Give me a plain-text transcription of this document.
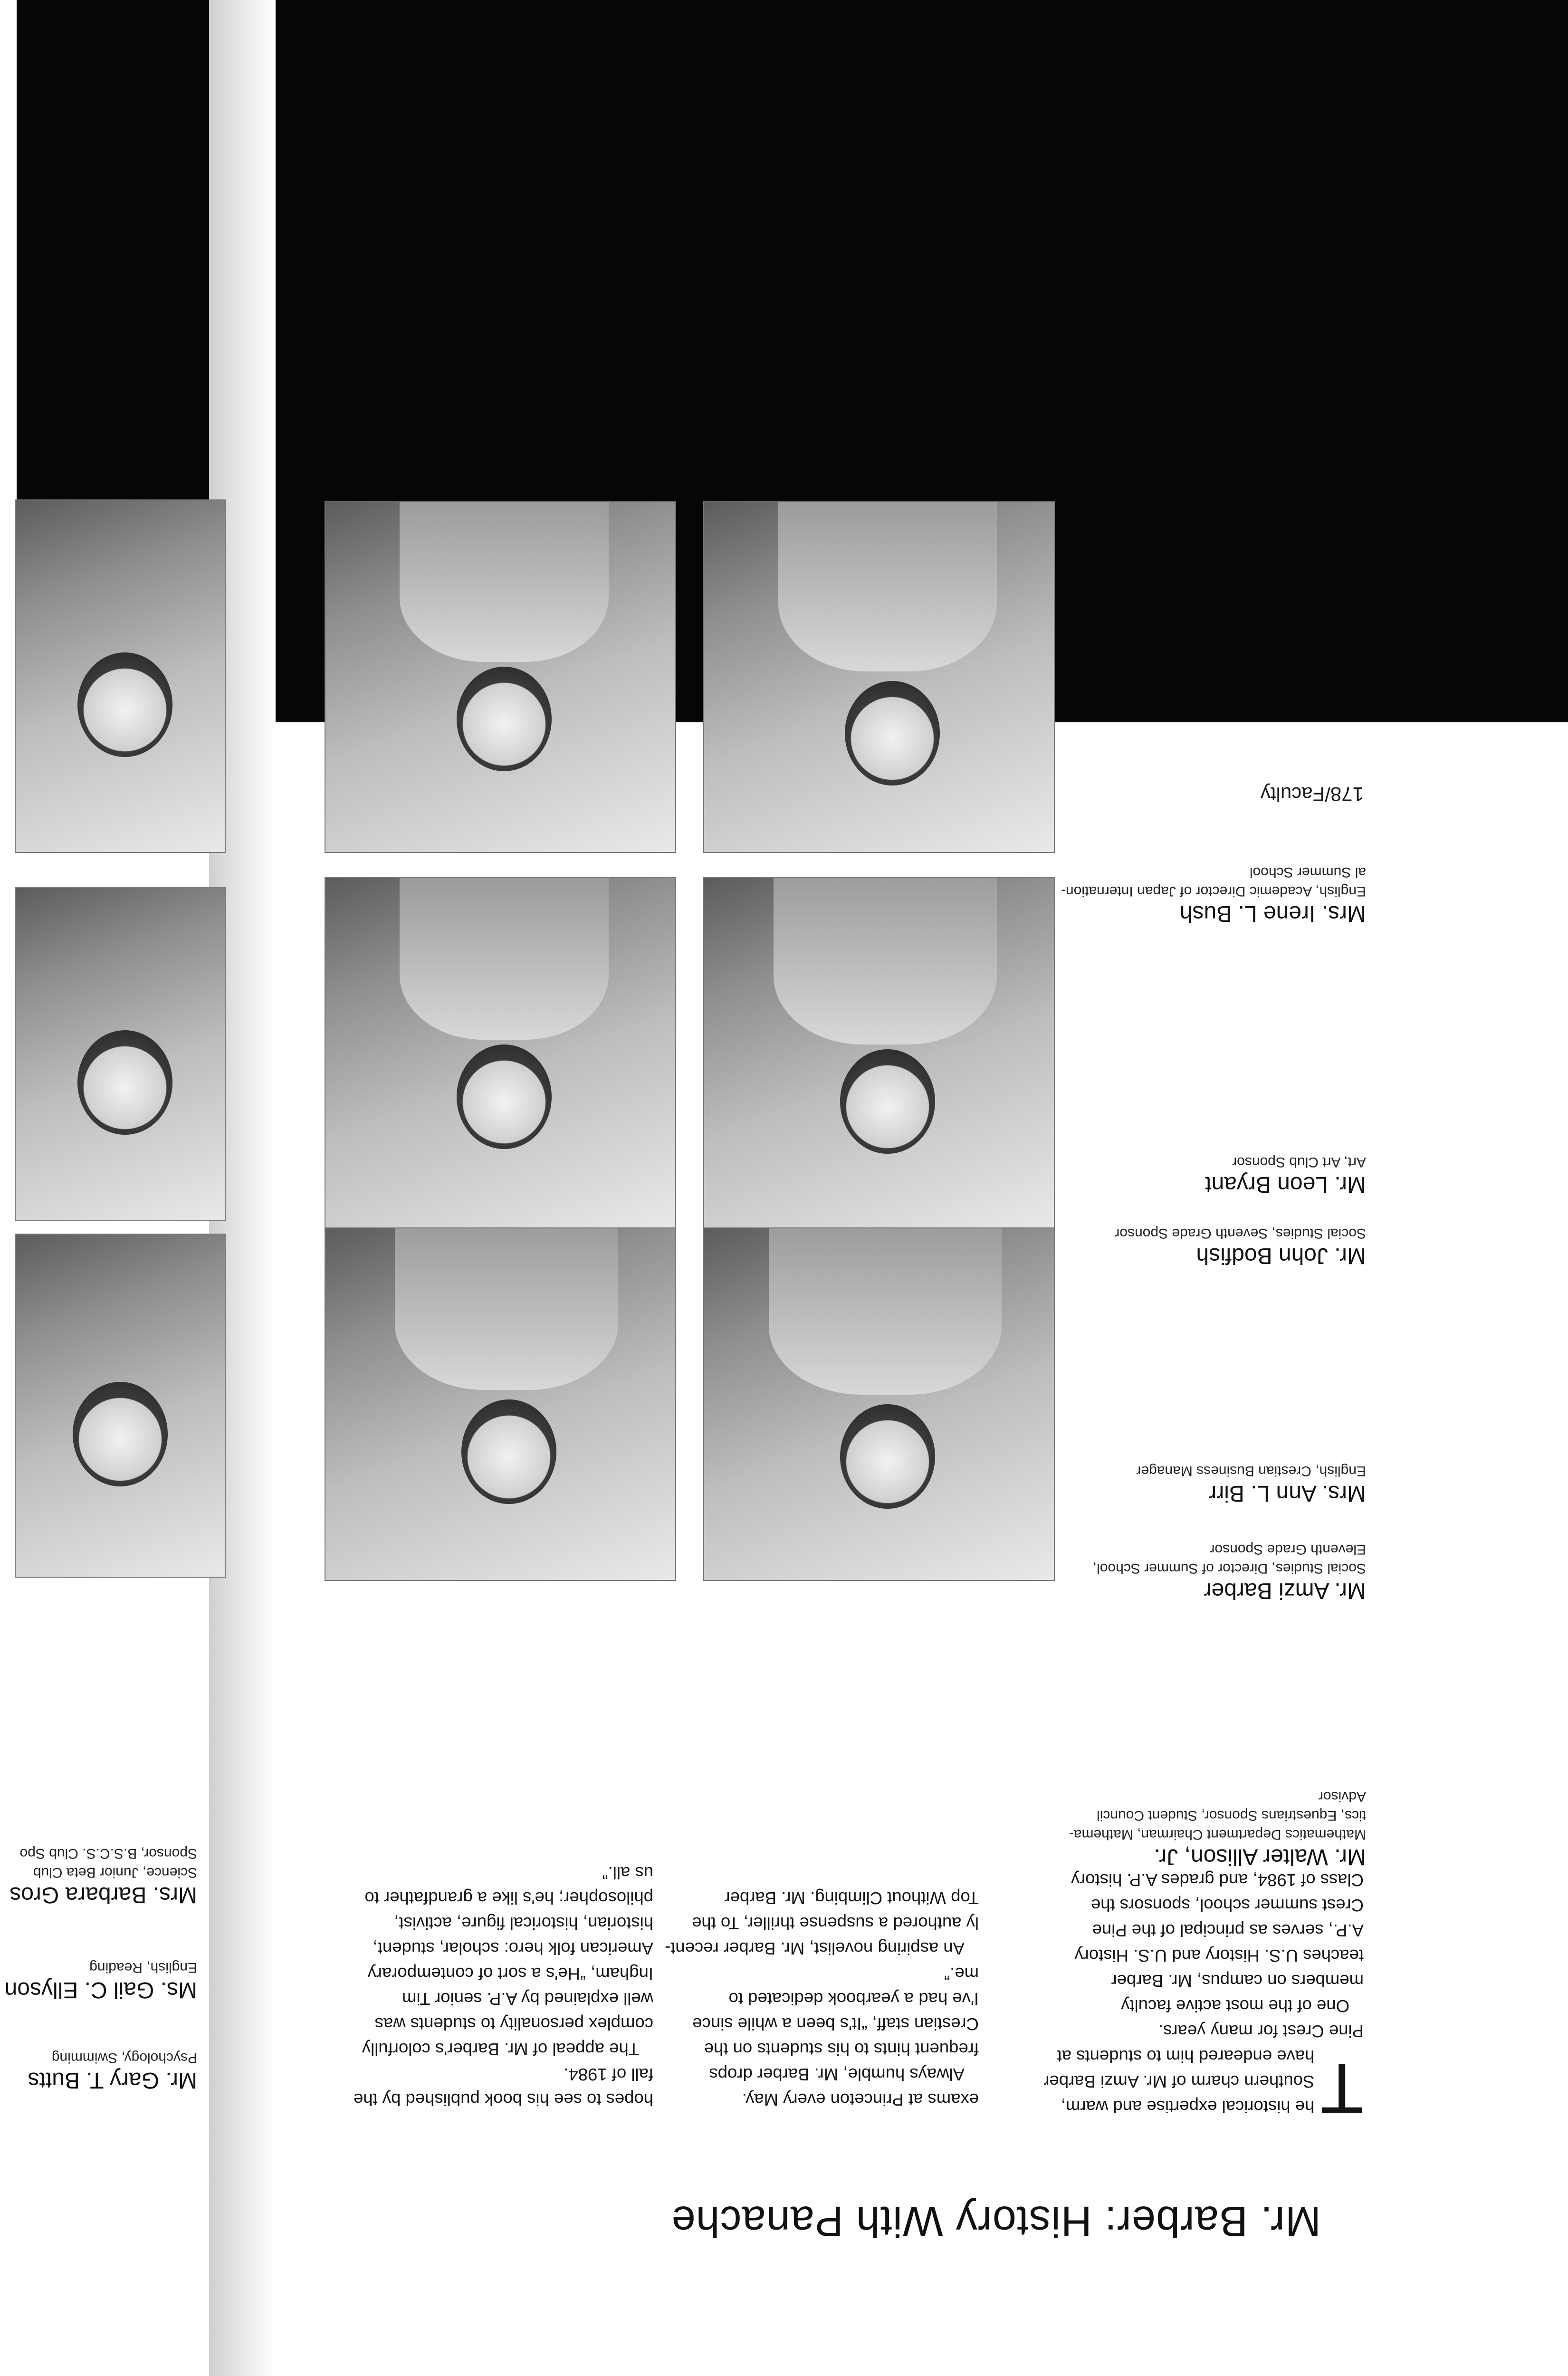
178/Faculty
Mrs. Irene L. Bush
English, Academic Director of Japan Internation-
al Summer School
Mr. Leon Bryant
Art, Art Club Sponsor
Mr. John Bodfish
Social Studies, Seventh Grade Sponsor
Mrs. Ann L. Birr
English, Crestian Business Manager
Mr. Amzi Barber
Social Studies, Director of Summer School,
Eleventh Grade Sponsor
Mr. Walter Allison, Jr.
Mathematics Department Chairman, Mathema-
tics, Equestrians Sponsor, Student Council
Advisor
Mr. Gary T. Butts
Psychology, Swimming
Ms. Gail C. Ellyson
English, Reading
Mrs. Barbara Gros
Science, Junior Beta Club
Sponsor, B.S.C.S. Club Spo
T

he historical expertise and warm,

Southern charm of Mr. Amzi Barber

have endeared him to students at

Pine Crest for many years.

One of the most active faculty

members on campus, Mr. Barber

teaches U.S. History and U.S. History

A.P., serves as principal of the Pine

Crest summer school, sponsors the

Class of 1984, and grades A.P. history

exams at Princeton every May.

Always humble, Mr. Barber drops

frequent hints to his students on the

Crestian staff, “It's been a while since

I've had a yearbook dedicated to

me.”

An aspiring novelist, Mr. Barber recent-

ly authored a suspense thriller, To the

Top Without Climbing. Mr. Barber

hopes to see his book published by the

fall of 1984.

The appeal of Mr. Barber's colorfully

complex personality to students was

well explained by A.P. senior Tim

Ingham, “He's a sort of contemporary

American folk hero: scholar, student,

historian, historical figure, activist,

philosopher; he's like a grandfather to

us all.”

Mr. Barber: History With Panache
